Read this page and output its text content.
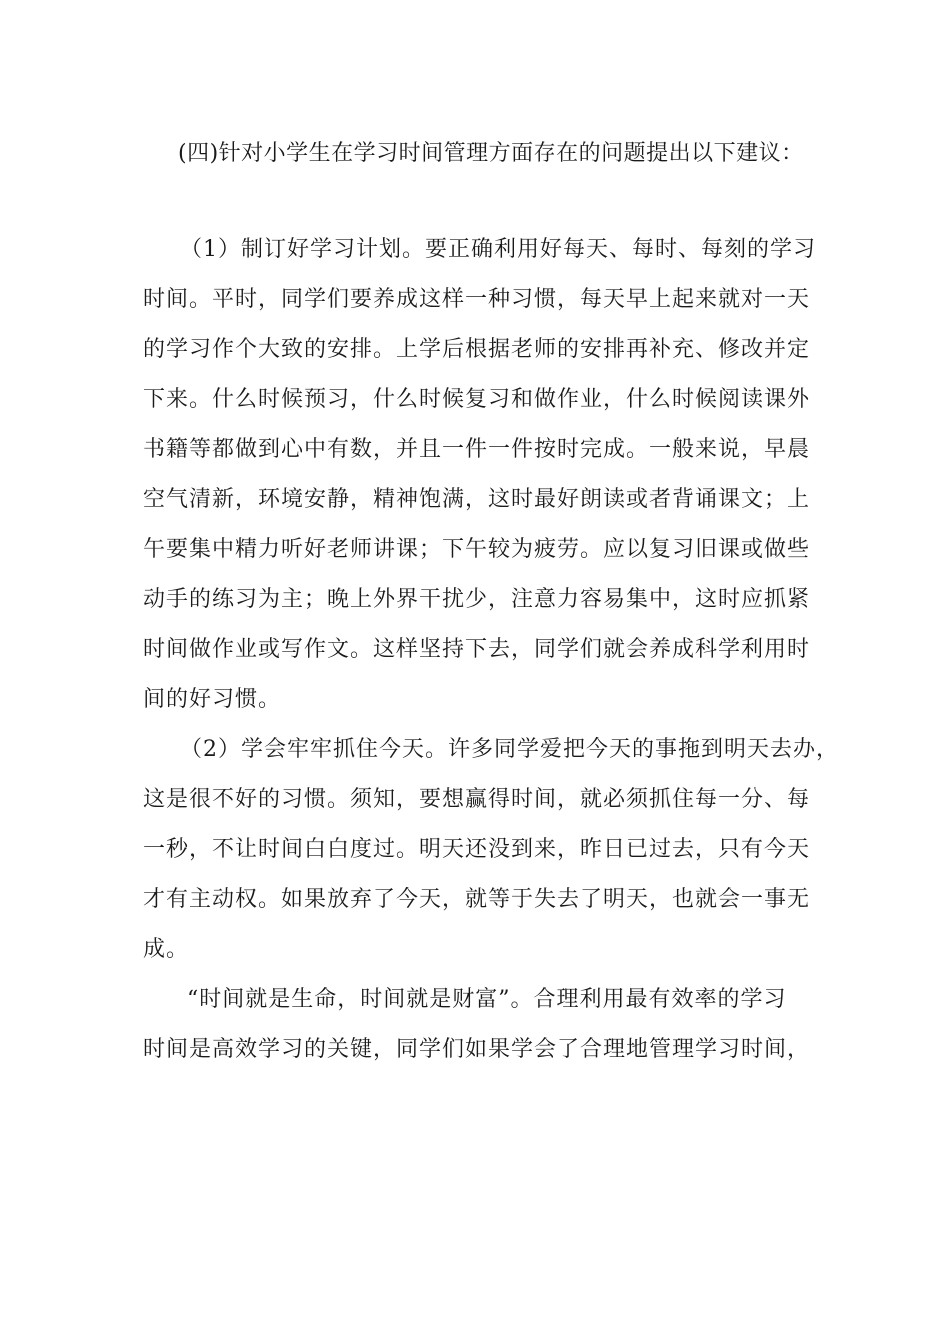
(四)针对小学生在学习时间管理方面存在的问题提出以下建议：
（1）制订好学习计划。要正确利用好每天、每时、每刻的学习
时间。平时，同学们要养成这样一种习惯，每天早上起来就对一天
的学习作个大致的安排。上学后根据老师的安排再补充、修改并定
下来。什么时候预习，什么时候复习和做作业，什么时候阅读课外
书籍等都做到心中有数，并且一件一件按时完成。一般来说，早晨
空气清新，环境安静，精神饱满，这时最好朗读或者背诵课文；上
午要集中精力听好老师讲课；下午较为疲劳。应以复习旧课或做些
动手的练习为主；晚上外界干扰少，注意力容易集中，这时应抓紧
时间做作业或写作文。这样坚持下去，同学们就会养成科学利用时
间的好习惯。
（2）学会牢牢抓住今天。许多同学爱把今天的事拖到明天去办，
这是很不好的习惯。须知，要想赢得时间，就必须抓住每一分、每
一秒，不让时间白白度过。明天还没到来，昨日已过去，只有今天
才有主动权。如果放弃了今天，就等于失去了明天，也就会一事无
成。
“时间就是生命，时间就是财富”。合理利用最有效率的学习
时间是高效学习的关键，同学们如果学会了合理地管理学习时间，
